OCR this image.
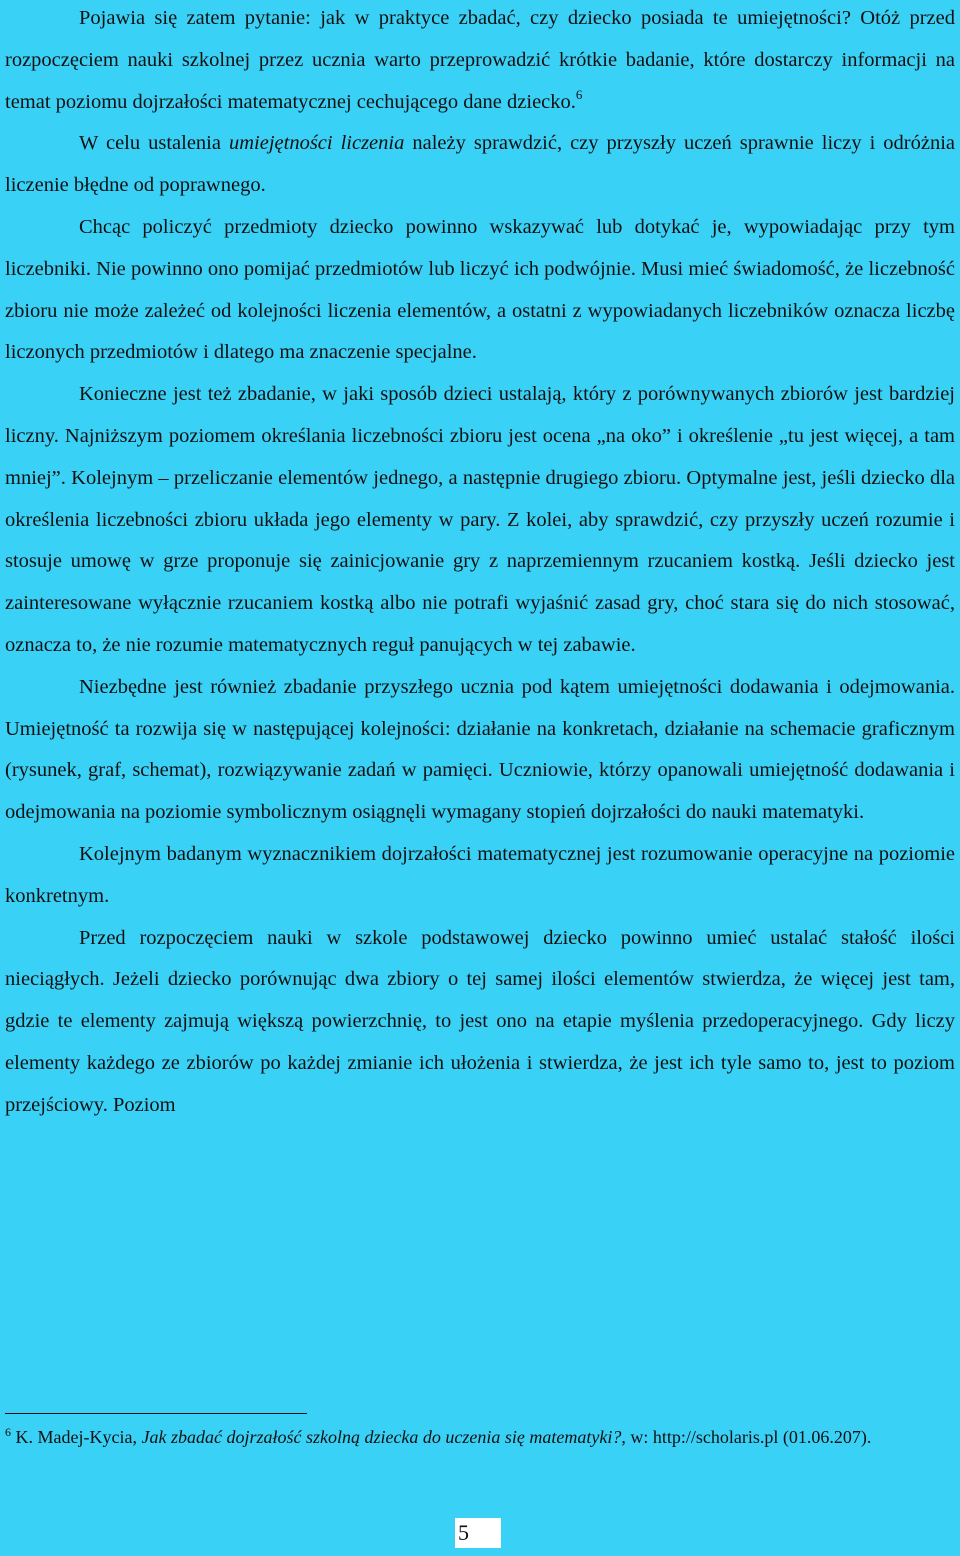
Pojawia się zatem pytanie: jak w praktyce zbadać, czy dziecko posiada te umiejętności? Otóż przed rozpoczęciem nauki szkolnej przez ucznia warto przeprowadzić krótkie badanie, które dostarczy informacji na temat poziomu dojrzałości matematycznej cechującego dane dziecko.$^6$

W celu ustalenia umiejętności liczenia należy sprawdzić, czy przyszły uczeń sprawnie liczy i odróżnia liczenie błędne od poprawnego.

Chcąc policzyć przedmioty dziecko powinno wskazywać lub dotykać je, wypowiadając przy tym liczebniki. Nie powinno ono pomijać przedmiotów lub liczyć ich podwójnie. Musi mieć świadomość, że liczebność zbioru nie może zależeć od kolejności liczenia elementów, a ostatni z wypowiadanych liczebników oznacza liczbę liczonych przedmiotów i dlatego ma znaczenie specjalne.

Konieczne jest też zbadanie, w jaki sposób dzieci ustalają, który z porównywanych zbiorów jest bardziej liczny. Najniższym poziomem określania liczebności zbioru jest ocena „na oko” i określenie „tu jest więcej, a tam mniej”. Kolejnym – przeliczanie elementów jednego, a następnie drugiego zbioru. Optymalne jest, jeśli dziecko dla określenia liczebności zbioru układa jego elementy w pary. Z kolei, aby sprawdzić, czy przyszły uczeń rozumie i stosuje umowę w grze proponuje się zainicjowanie gry z naprzemiennym rzucaniem kostką. Jeśli dziecko jest zainteresowane wyłącznie rzucaniem kostką albo nie potrafi wyjaśnić zasad gry, choć stara się do nich stosować, oznacza to, że nie rozumie matematycznych reguł panujących w tej zabawie.

Niezbędne jest również zbadanie przyszłego ucznia pod kątem umiejętności dodawania i odejmowania. Umiejętność ta rozwija się w następującej kolejności: działanie na konkretach, działanie na schemacie graficznym (rysunek, graf, schemat), rozwiązywanie zadań w pamięci. Uczniowie, którzy opanowali umiejętność dodawania i odejmowania na poziomie symbolicznym osiągnęli wymagany stopień dojrzałości do nauki matematyki.

Kolejnym badanym wyznacznikiem dojrzałości matematycznej jest rozumowanie operacyjne na poziomie konkretnym.

Przed rozpoczęciem nauki w szkole podstawowej dziecko powinno umieć ustalać stałość ilości nieciągłych. Jeżeli dziecko porównując dwa zbiory o tej samej ilości elementów stwierdza, że więcej jest tam, gdzie te elementy zajmują większą powierzchnię, to jest ono na etapie myślenia przedoperacyjnego. Gdy liczy elementy każdego ze zbiorów po każdej zmianie ich ułożenia i stwierdza, że jest ich tyle samo to, jest to poziom przejściowy. Poziom

$^6$ K. Madej-Kycia, Jak zbadać dojrzałość szkolną dziecka do uczenia się matematyki?, w: http://scholaris.pl (01.06.207).

5
